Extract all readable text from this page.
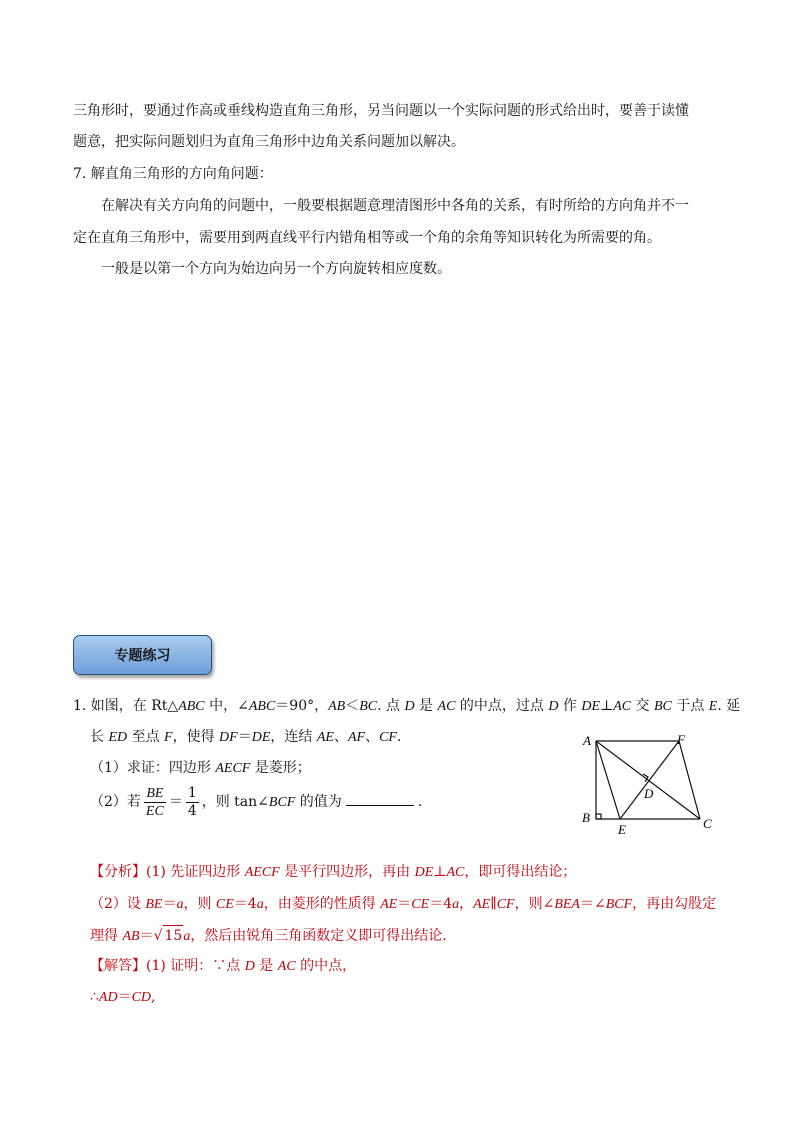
三角形时，要通过作高或垂线构造直角三角形，另当问题以一个实际问题的形式给出时，要善于读懂
题意，把实际问题划归为直角三角形中边角关系问题加以解决。
7. 解直角三角形的方向角问题：
在解决有关方向角的问题中，一般要根据题意理清图形中各角的关系，有时所给的方向角并不一
定在直角三角形中，需要用到两直线平行内错角相等或一个角的余角等知识转化为所需要的角。
一般是以第一个方向为始边向另一个方向旋转相应度数。
专题练习
1. 如图，在 Rt△ABC 中，∠ABC＝90°，AB＜BC. 点 D 是 AC 的中点，过点 D 作 DE⊥AC 交 BC 于点 E. 延
长 ED 至点 F，使得 DF＝DE，连结 AE、AF、CF.
（1）求证：四边形 AECF 是菱形；
（2）若 $\frac{BE}{EC} = \frac{1}{4}$ ，则 tan∠BCF 的值为	.
A	F
D
B
E	C
【分析】(1) 先证四边形 AECF 是平行四边形，再由 DE⊥AC，即可得出结论；
（2）设 BE＝a，则 CE＝4a，由菱形的性质得 AE＝CE＝4a，AE∥CF，则∠BEA＝∠BCF，再由勾股定
理得 AB＝√ 15a，然后由锐角三角函数定义即可得出结论.
【解答】(1) 证明：∵点 D 是 AC 的中点，
∴AD＝CD,
